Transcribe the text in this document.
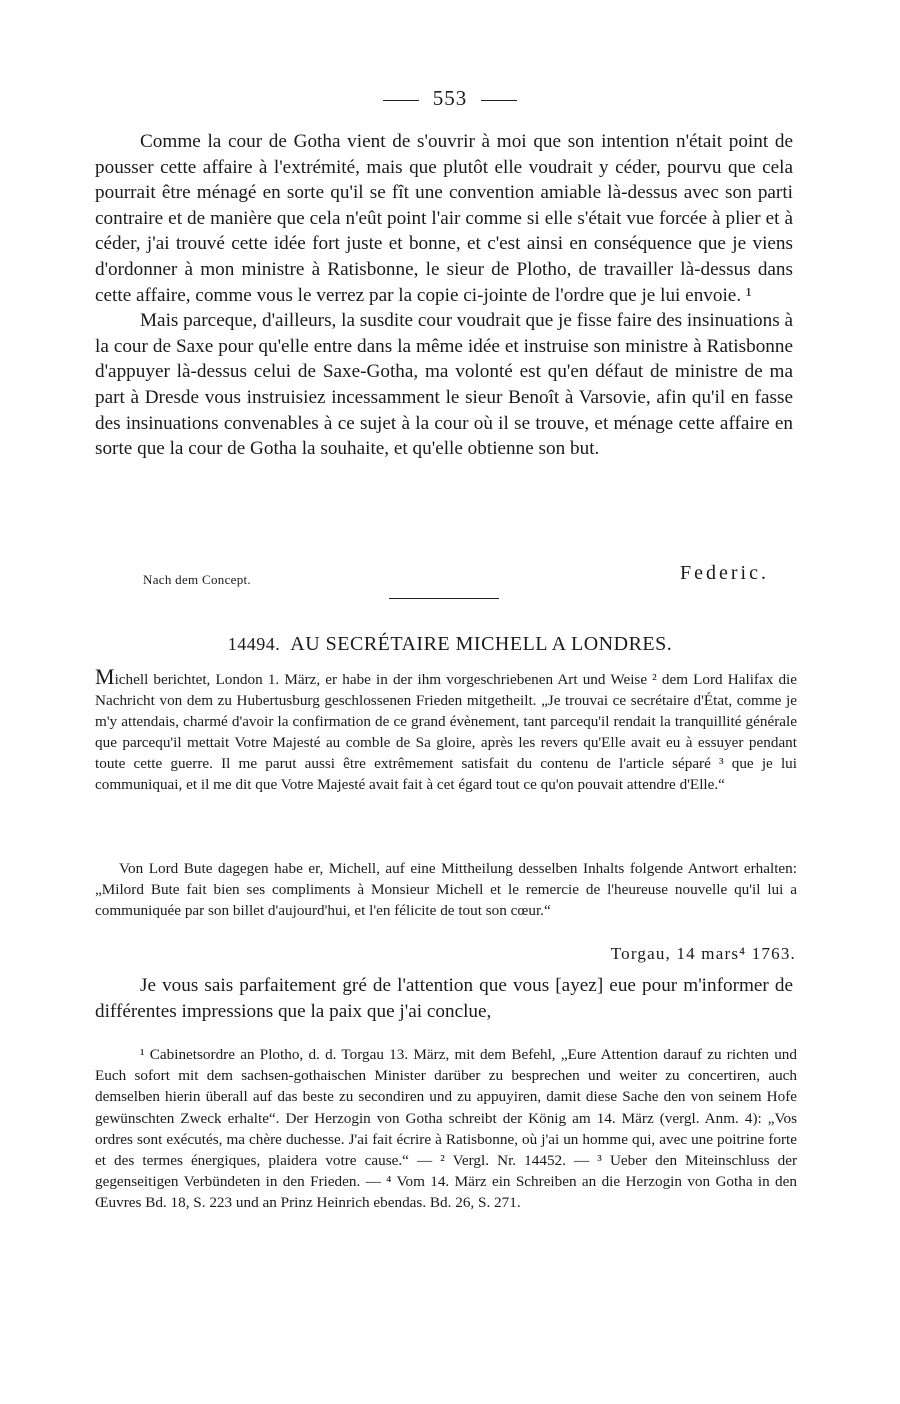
553

Comme la cour de Gotha vient de s'ouvrir à moi que son intention n'était point de pousser cette affaire à l'extrémité, mais que plutôt elle voudrait y céder, pourvu que cela pourrait être ménagé en sorte qu'il se fît une convention amiable là-dessus avec son parti contraire et de manière que cela n'eût point l'air comme si elle s'était vue forcée à plier et à céder, j'ai trouvé cette idée fort juste et bonne, et c'est ainsi en conséquence que je viens d'ordonner à mon ministre à Ratisbonne, le sieur de Plotho, de travailler là-dessus dans cette affaire, comme vous le verrez par la copie ci-jointe de l'ordre que je lui envoie. ¹

Mais parceque, d'ailleurs, la susdite cour voudrait que je fisse faire des insinuations à la cour de Saxe pour qu'elle entre dans la même idée et instruise son ministre à Ratisbonne d'appuyer là-dessus celui de Saxe-Gotha, ma volonté est qu'en défaut de ministre de ma part à Dresde vous instruisiez incessamment le sieur Benoît à Varsovie, afin qu'il en fasse des insinuations convenables à ce sujet à la cour où il se trouve, et ménage cette affaire en sorte que la cour de Gotha la souhaite, et qu'elle obtienne son but.

Nach dem Concept.	Federic.
14494. AU SECRÉTAIRE MICHELL A LONDRES.

Michell berichtet, London 1. März, er habe in der ihm vorgeschriebenen Art und Weise ² dem Lord Halifax die Nachricht von dem zu Hubertusburg geschlossenen Frieden mitgetheilt. „Je trouvai ce secrétaire d'État, comme je m'y attendais, charmé d'avoir la confirmation de ce grand évènement, tant parcequ'il rendait la tranquillité générale que parcequ'il mettait Votre Majesté au comble de Sa gloire, après les revers qu'Elle avait eu à essuyer pendant toute cette guerre. Il me parut aussi être extrêmement satisfait du contenu de l'article séparé ³ que je lui communiquai, et il me dit que Votre Majesté avait fait à cet égard tout ce qu'on pouvait attendre d'Elle.“

Von Lord Bute dagegen habe er, Michell, auf eine Mittheilung desselben Inhalts folgende Antwort erhalten: „Milord Bute fait bien ses compliments à Monsieur Michell et le remercie de l'heureuse nouvelle qu'il lui a communiquée par son billet d'aujourd'hui, et l'en félicite de tout son cœur.“

Torgau, 14 mars⁴ 1763.

Je vous sais parfaitement gré de l'attention que vous [ayez] eue pour m'informer de différentes impressions que la paix que j'ai conclue,

¹ Cabinetsordre an Plotho, d. d. Torgau 13. März, mit dem Befehl, „Eure Attention darauf zu richten und Euch sofort mit dem sachsen-gothaischen Minister darüber zu besprechen und weiter zu concertiren, auch demselben hierin überall auf das beste zu secondiren und zu appuyiren, damit diese Sache den von seinem Hofe gewünschten Zweck erhalte“. Der Herzogin von Gotha schreibt der König am 14. März (vergl. Anm. 4): „Vos ordres sont exécutés, ma chère duchesse. J'ai fait écrire à Ratisbonne, où j'ai un homme qui, avec une poitrine forte et des termes énergiques, plaidera votre cause.“ — ² Vergl. Nr. 14452. — ³ Ueber den Miteinschluss der gegenseitigen Verbündeten in den Frieden. — ⁴ Vom 14. März ein Schreiben an die Herzogin von Gotha in den Œuvres Bd. 18, S. 223 und an Prinz Heinrich ebendas. Bd. 26, S. 271.
